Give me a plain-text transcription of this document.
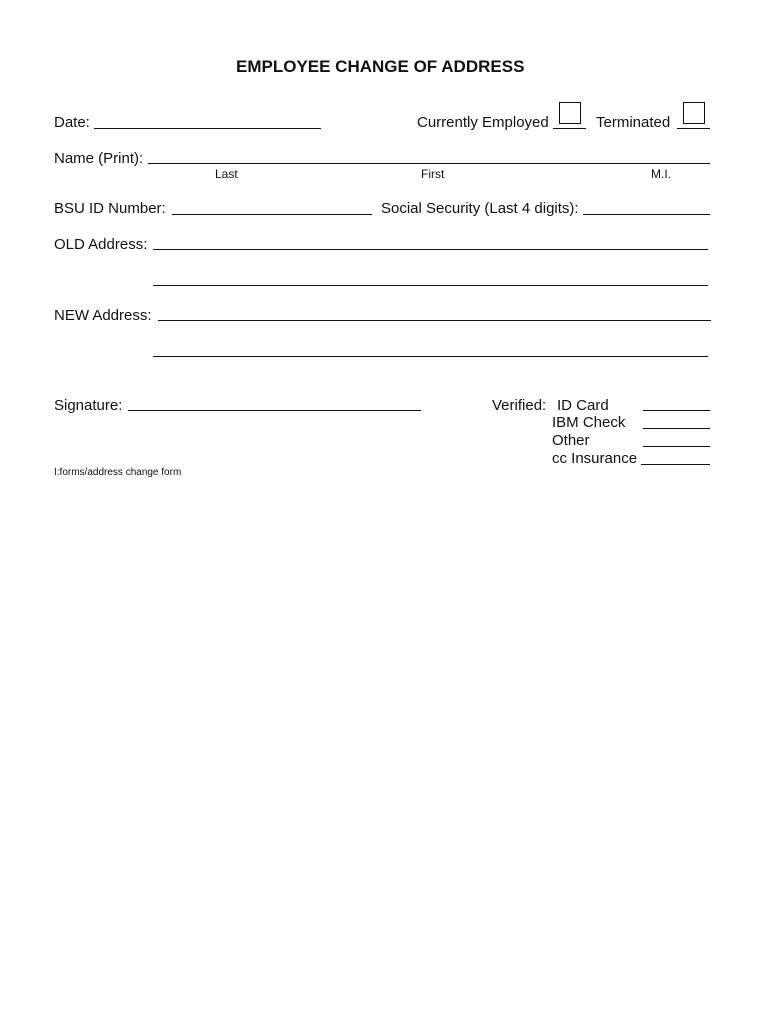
EMPLOYEE CHANGE OF ADDRESS
Date:	Currently Employed	Terminated
Name (Print):
Last	First	M.I.
BSU ID Number:	Social Security (Last 4 digits):
OLD Address:
NEW Address:
Signature:	Verified: ID Card
IBM Check
Other
cc Insurance
I:forms/address change form
